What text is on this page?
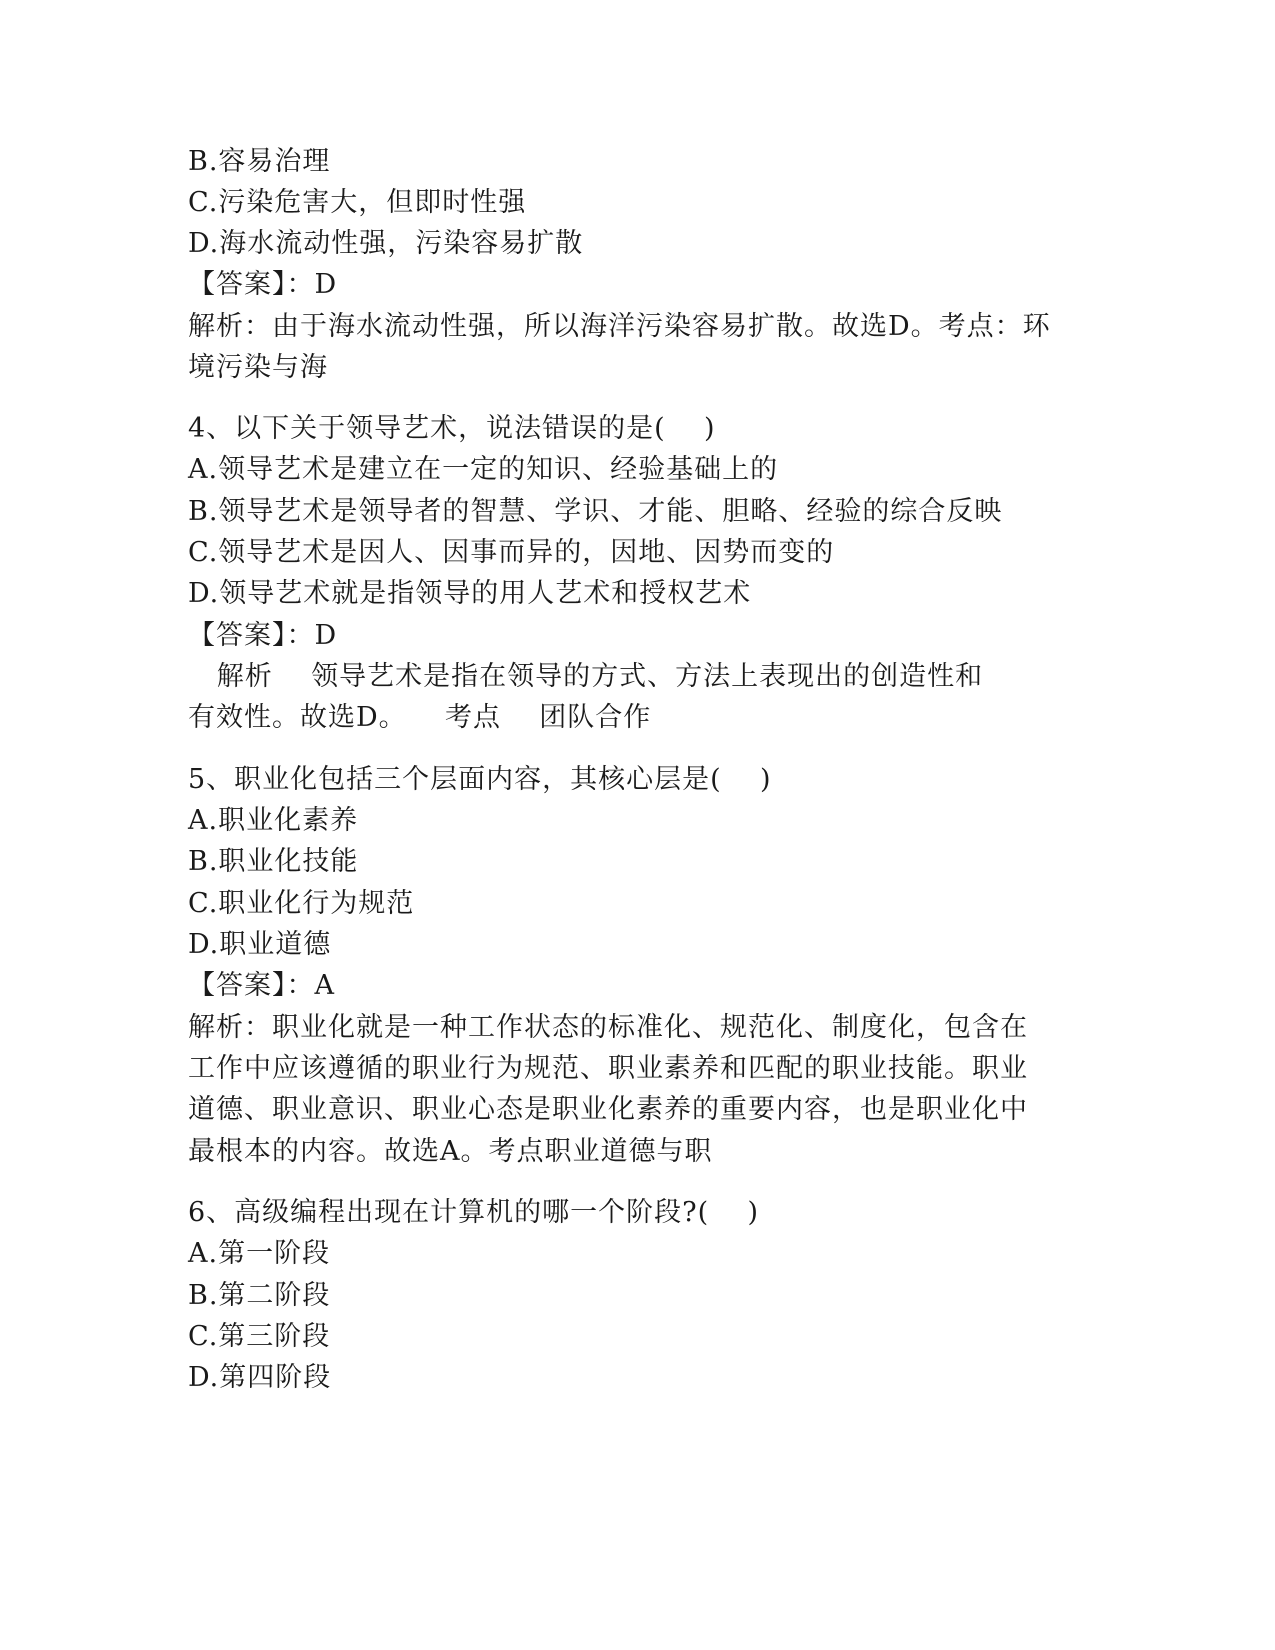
B.容易治理
C.污染危害大，但即时性强
D.海水流动性强，污染容易扩散
【答案】：D
解析：由于海水流动性强，所以海洋污染容易扩散。故选D。考点：环
境污染与海
4、以下关于领导艺术，说法错误的是(    )
A.领导艺术是建立在一定的知识、经验基础上的
B.领导艺术是领导者的智慧、学识、才能、胆略、经验的综合反映
C.领导艺术是因人、因事而异的，因地、因势而变的
D.领导艺术就是指领导的用人艺术和授权艺术
【答案】：D
解析    领导艺术是指在领导的方式、方法上表现出的创造性和
有效性。故选D。    考点    团队合作
5、职业化包括三个层面内容，其核心层是(    )
A.职业化素养
B.职业化技能
C.职业化行为规范
D.职业道德
【答案】：A
解析：职业化就是一种工作状态的标准化、规范化、制度化，包含在
工作中应该遵循的职业行为规范、职业素养和匹配的职业技能。职业
道德、职业意识、职业心态是职业化素养的重要内容，也是职业化中
最根本的内容。故选A。考点职业道德与职
6、高级编程出现在计算机的哪一个阶段?(    )
A.第一阶段
B.第二阶段
C.第三阶段
D.第四阶段
